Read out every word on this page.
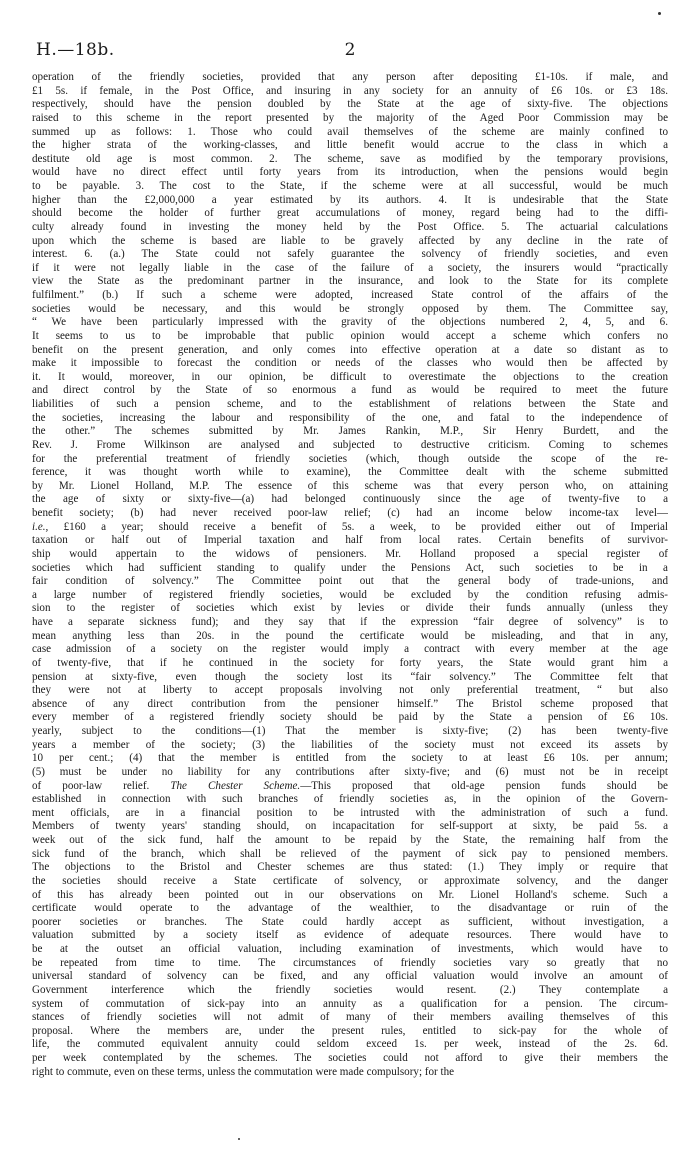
H.—18b.	2
operation of the friendly societies, provided that any person after depositing £1-10s. if male, and
£1 5s. if female, in the Post Office, and insuring in any society for an annuity of £6 10s. or £3 18s.
respectively, should have the pension doubled by the State at the age of sixty-five. The objections
raised to this scheme in the report presented by the majority of the Aged Poor Commission may be
summed up as follows: 1. Those who could avail themselves of the scheme are mainly confined to
the higher strata of the working-classes, and little benefit would accrue to the class in which a
destitute old age is most common. 2. The scheme, save as modified by the temporary provisions,
would have no direct effect until forty years from its introduction, when the pensions would begin
to be payable. 3. The cost to the State, if the scheme were at all successful, would be much
higher than the £2,000,000 a year estimated by its authors. 4. It is undesirable that the State
should become the holder of further great accumulations of money, regard being had to the diffi-
culty already found in investing the money held by the Post Office. 5. The actuarial calculations
upon which the scheme is based are liable to be gravely affected by any decline in the rate of
interest. 6. (a.) The State could not safely guarantee the solvency of friendly societies, and even
if it were not legally liable in the case of the failure of a society, the insurers would “practically
view the State as the predominant partner in the insurance, and look to the State for its complete
fulfilment.” (b.) If such a scheme were adopted, increased State control of the affairs of the
societies would be necessary, and this would be strongly opposed by them. The Committee say,
“ We have been particularly impressed with the gravity of the objections numbered 2, 4, 5, and 6.
It seems to us to be improbable that public opinion would accept a scheme which confers no
benefit on the present generation, and only comes into effective operation at a date so distant as to
make it impossible to forecast the condition or needs of the classes who would then be affected by
it. It would, moreover, in our opinion, be difficult to overestimate the objections to the creation
and direct control by the State of so enormous a fund as would be required to meet the future
liabilities of such a pension scheme, and to the establishment of relations between the State and
the societies, increasing the labour and responsibility of the one, and fatal to the independence of
the other.” The schemes submitted by Mr. James Rankin, M.P., Sir Henry Burdett, and the
Rev. J. Frome Wilkinson are analysed and subjected to destructive criticism. Coming to schemes
for the preferential treatment of friendly societies (which, though outside the scope of the re-
ference, it was thought worth while to examine), the Committee dealt with the scheme submitted
by Mr. Lionel Holland, M.P. The essence of this scheme was that every person who, on attaining
the age of sixty or sixty-five—(a) had belonged continuously since the age of twenty-five to a
benefit society; (b) had never received poor-law relief; (c) had an income below income-tax level—
i.e., £160 a year; should receive a benefit of 5s. a week, to be provided either out of Imperial
taxation or half out of Imperial taxation and half from local rates. Certain benefits of survivor-
ship would appertain to the widows of pensioners. Mr. Holland proposed a special register of
societies which had sufficient standing to qualify under the Pensions Act, such societies to be in a
fair condition of solvency.” The Committee point out that the general body of trade-unions, and
a large number of registered friendly societies, would be excluded by the condition refusing admis-
sion to the register of societies which exist by levies or divide their funds annually (unless they
have a separate sickness fund); and they say that if the expression “fair degree of solvency” is to
mean anything less than 20s. in the pound the certificate would be misleading, and that in any,
case admission of a society on the register would imply a contract with every member at the age
of twenty-five, that if he continued in the society for forty years, the State would grant him a
pension at sixty-five, even though the society lost its “fair solvency.” The Committee felt that
they were not at liberty to accept proposals involving not only preferential treatment, “ but also
absence of any direct contribution from the pensioner himself.” The Bristol scheme proposed that
every member of a registered friendly society should be paid by the State a pension of £6 10s.
yearly, subject to the conditions—(1) That the member is sixty-five; (2) has been twenty-five
years a member of the society; (3) the liabilities of the society must not exceed its assets by
10 per cent.; (4) that the member is entitled from the society to at least £6 10s. per annum;
(5) must be under no liability for any contributions after sixty-five; and (6) must not be in receipt
of poor-law relief. The Chester Scheme.—This proposed that old-age pension funds should be
established in connection with such branches of friendly societies as, in the opinion of the Govern-
ment officials, are in a financial position to be intrusted with the administration of such a fund.
Members of twenty years' standing should, on incapacitation for self-support at sixty, be paid 5s. a
week out of the sick fund, half the amount to be repaid by the State, the remaining half from the
sick fund of the branch, which shall be relieved of the payment of sick pay to pensioned members.
The objections to the Bristol and Chester schemes are thus stated: (1.) They imply or require that
the societies should receive a State certificate of solvency, or approximate solvency, and the danger
of this has already been pointed out in our observations on Mr. Lionel Holland's scheme. Such a
certificate would operate to the advantage of the wealthier, to the disadvantage or ruin of the
poorer societies or branches. The State could hardly accept as sufficient, without investigation, a
valuation submitted by a society itself as evidence of adequate resources. There would have to
be at the outset an official valuation, including examination of investments, which would have to
be repeated from time to time. The circumstances of friendly societies vary so greatly that no
universal standard of solvency can be fixed, and any official valuation would involve an amount of
Government interference which the friendly societies would resent. (2.) They contemplate a
system of commutation of sick-pay into an annuity as a qualification for a pension. The circum-
stances of friendly societies will not admit of many of their members availing themselves of this
proposal. Where the members are, under the present rules, entitled to sick-pay for the whole of
life, the commuted equivalent annuity could seldom exceed 1s. per week, instead of the 2s. 6d.
per week contemplated by the schemes. The societies could not afford to give their members the
right to commute, even on these terms, unless the commutation were made compulsory; for the
